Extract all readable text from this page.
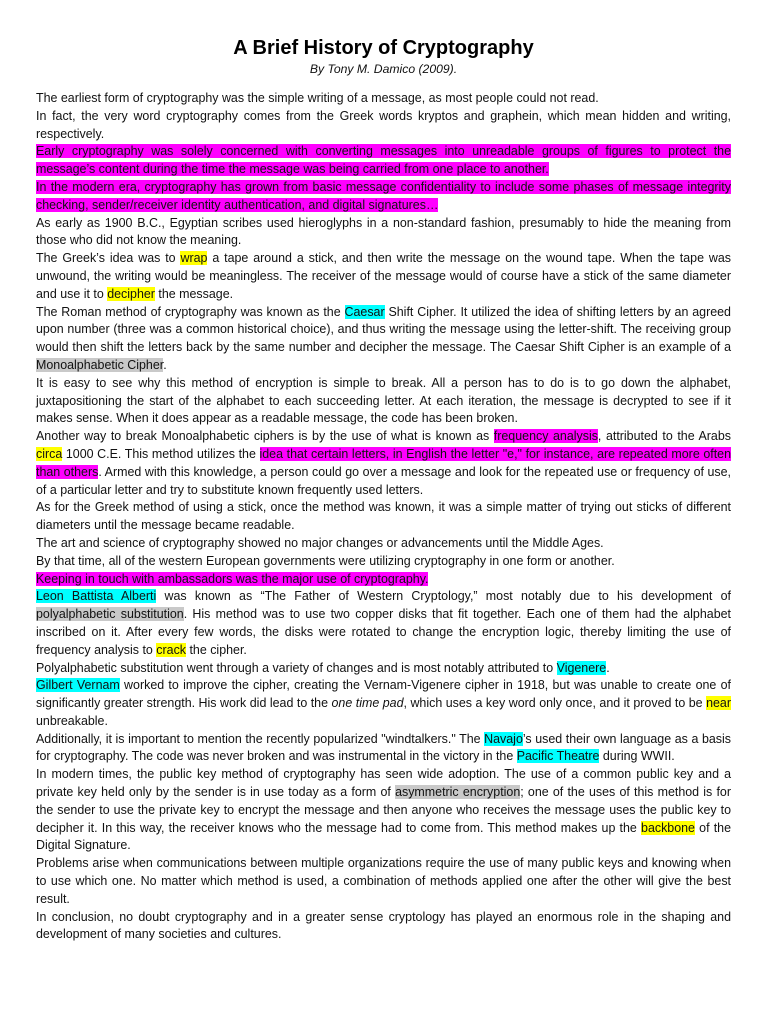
A Brief History of Cryptography
By Tony M. Damico (2009).

The earliest form of cryptography was the simple writing of a message, as most people could not read.

In fact, the very word cryptography comes from the Greek words kryptos and graphein, which mean hidden and writing, respectively.

Early cryptography was solely concerned with converting messages into unreadable groups of figures to protect the message’s content during the time the message was being carried from one place to another.

In the modern era, cryptography has grown from basic message confidentiality to include some phases of message integrity checking, sender/receiver identity authentication, and digital signatures…

As early as 1900 B.C., Egyptian scribes used hieroglyphs in a non-standard fashion, presumably to hide the meaning from those who did not know the meaning.

The Greek’s idea was to wrap a tape around a stick, and then write the message on the wound tape. When the tape was unwound, the writing would be meaningless. The receiver of the message would of course have a stick of the same diameter and use it to decipher the message.

The Roman method of cryptography was known as the Caesar Shift Cipher. It utilized the idea of shifting letters by an agreed upon number (three was a common historical choice), and thus writing the message using the letter-shift. The receiving group would then shift the letters back by the same number and decipher the message. The Caesar Shift Cipher is an example of a Monoalphabetic Cipher.

It is easy to see why this method of encryption is simple to break. All a person has to do is to go down the alphabet, juxtapositioning the start of the alphabet to each succeeding letter. At each iteration, the message is decrypted to see if it makes sense. When it does appear as a readable message, the code has been broken.

Another way to break Monoalphabetic ciphers is by the use of what is known as frequency analysis, attributed to the Arabs circa 1000 C.E. This method utilizes the idea that certain letters, in English the letter "e," for instance, are repeated more often than others. Armed with this knowledge, a person could go over a message and look for the repeated use or frequency of use, of a particular letter and try to substitute known frequently used letters.

As for the Greek method of using a stick, once the method was known, it was a simple matter of trying out sticks of different diameters until the message became readable.

The art and science of cryptography showed no major changes or advancements until the Middle Ages.

By that time, all of the western European governments were utilizing cryptography in one form or another.

Keeping in touch with ambassadors was the major use of cryptography.

Leon Battista Alberti was known as “The Father of Western Cryptology,” most notably due to his development of polyalphabetic substitution. His method was to use two copper disks that fit together. Each one of them had the alphabet inscribed on it. After every few words, the disks were rotated to change the encryption logic, thereby limiting the use of frequency analysis to crack the cipher.

Polyalphabetic substitution went through a variety of changes and is most notably attributed to Vigenere.

Gilbert Vernam worked to improve the cipher, creating the Vernam-Vigenere cipher in 1918, but was unable to create one of significantly greater strength. His work did lead to the one time pad, which uses a key word only once, and it proved to be near unbreakable.

Additionally, it is important to mention the recently popularized "windtalkers." The Navajo’s used their own language as a basis for cryptography. The code was never broken and was instrumental in the victory in the Pacific Theatre during WWII.

In modern times, the public key method of cryptography has seen wide adoption. The use of a common public key and a private key held only by the sender is in use today as a form of asymmetric encryption; one of the uses of this method is for the sender to use the private key to encrypt the message and then anyone who receives the message uses the public key to decipher it. In this way, the receiver knows who the message had to come from. This method makes up the backbone of the Digital Signature.

Problems arise when communications between multiple organizations require the use of many public keys and knowing when to use which one. No matter which method is used, a combination of methods applied one after the other will give the best result.

In conclusion, no doubt cryptography and in a greater sense cryptology has played an enormous role in the shaping and development of many societies and cultures.
